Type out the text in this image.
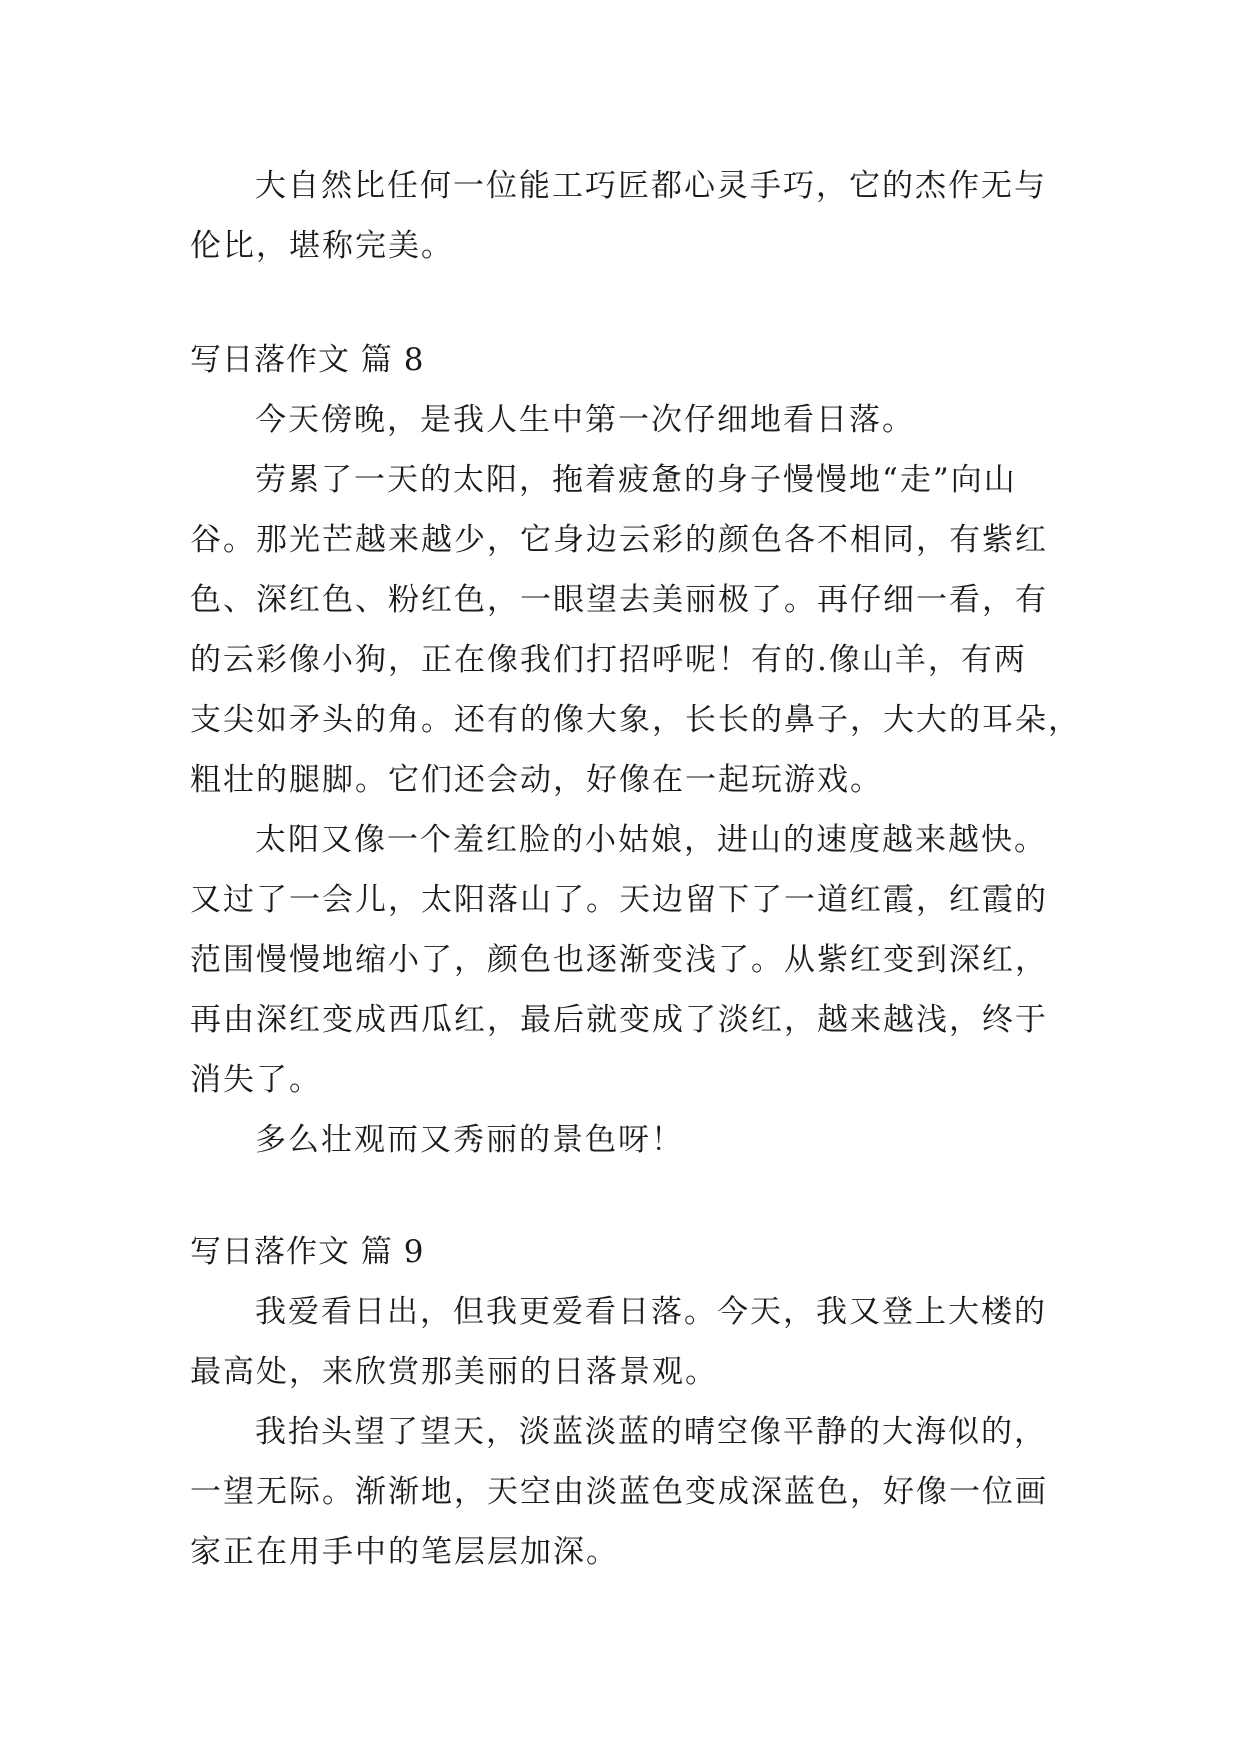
大自然比任何一位能工巧匠都心灵手巧，它的杰作无与

伦比，堪称完美。

写日落作文 篇 8

今天傍晚，是我人生中第一次仔细地看日落。

劳累了一天的太阳，拖着疲惫的身子慢慢地“走”向山

谷。那光芒越来越少，它身边云彩的颜色各不相同，有紫红

色、深红色、粉红色，一眼望去美丽极了。再仔细一看，有

的云彩像小狗，正在像我们打招呼呢！有的.像山羊，有两

支尖如矛头的角。还有的像大象，长长的鼻子，大大的耳朵，

粗壮的腿脚。它们还会动，好像在一起玩游戏。

太阳又像一个羞红脸的小姑娘，进山的速度越来越快。

又过了一会儿，太阳落山了。天边留下了一道红霞，红霞的

范围慢慢地缩小了，颜色也逐渐变浅了。从紫红变到深红，

再由深红变成西瓜红，最后就变成了淡红，越来越浅，终于

消失了。

多么壮观而又秀丽的景色呀！

写日落作文 篇 9

我爱看日出，但我更爱看日落。今天，我又登上大楼的

最高处，来欣赏那美丽的日落景观。

我抬头望了望天，淡蓝淡蓝的晴空像平静的大海似的，

一望无际。渐渐地，天空由淡蓝色变成深蓝色，好像一位画

家正在用手中的笔层层加深。
